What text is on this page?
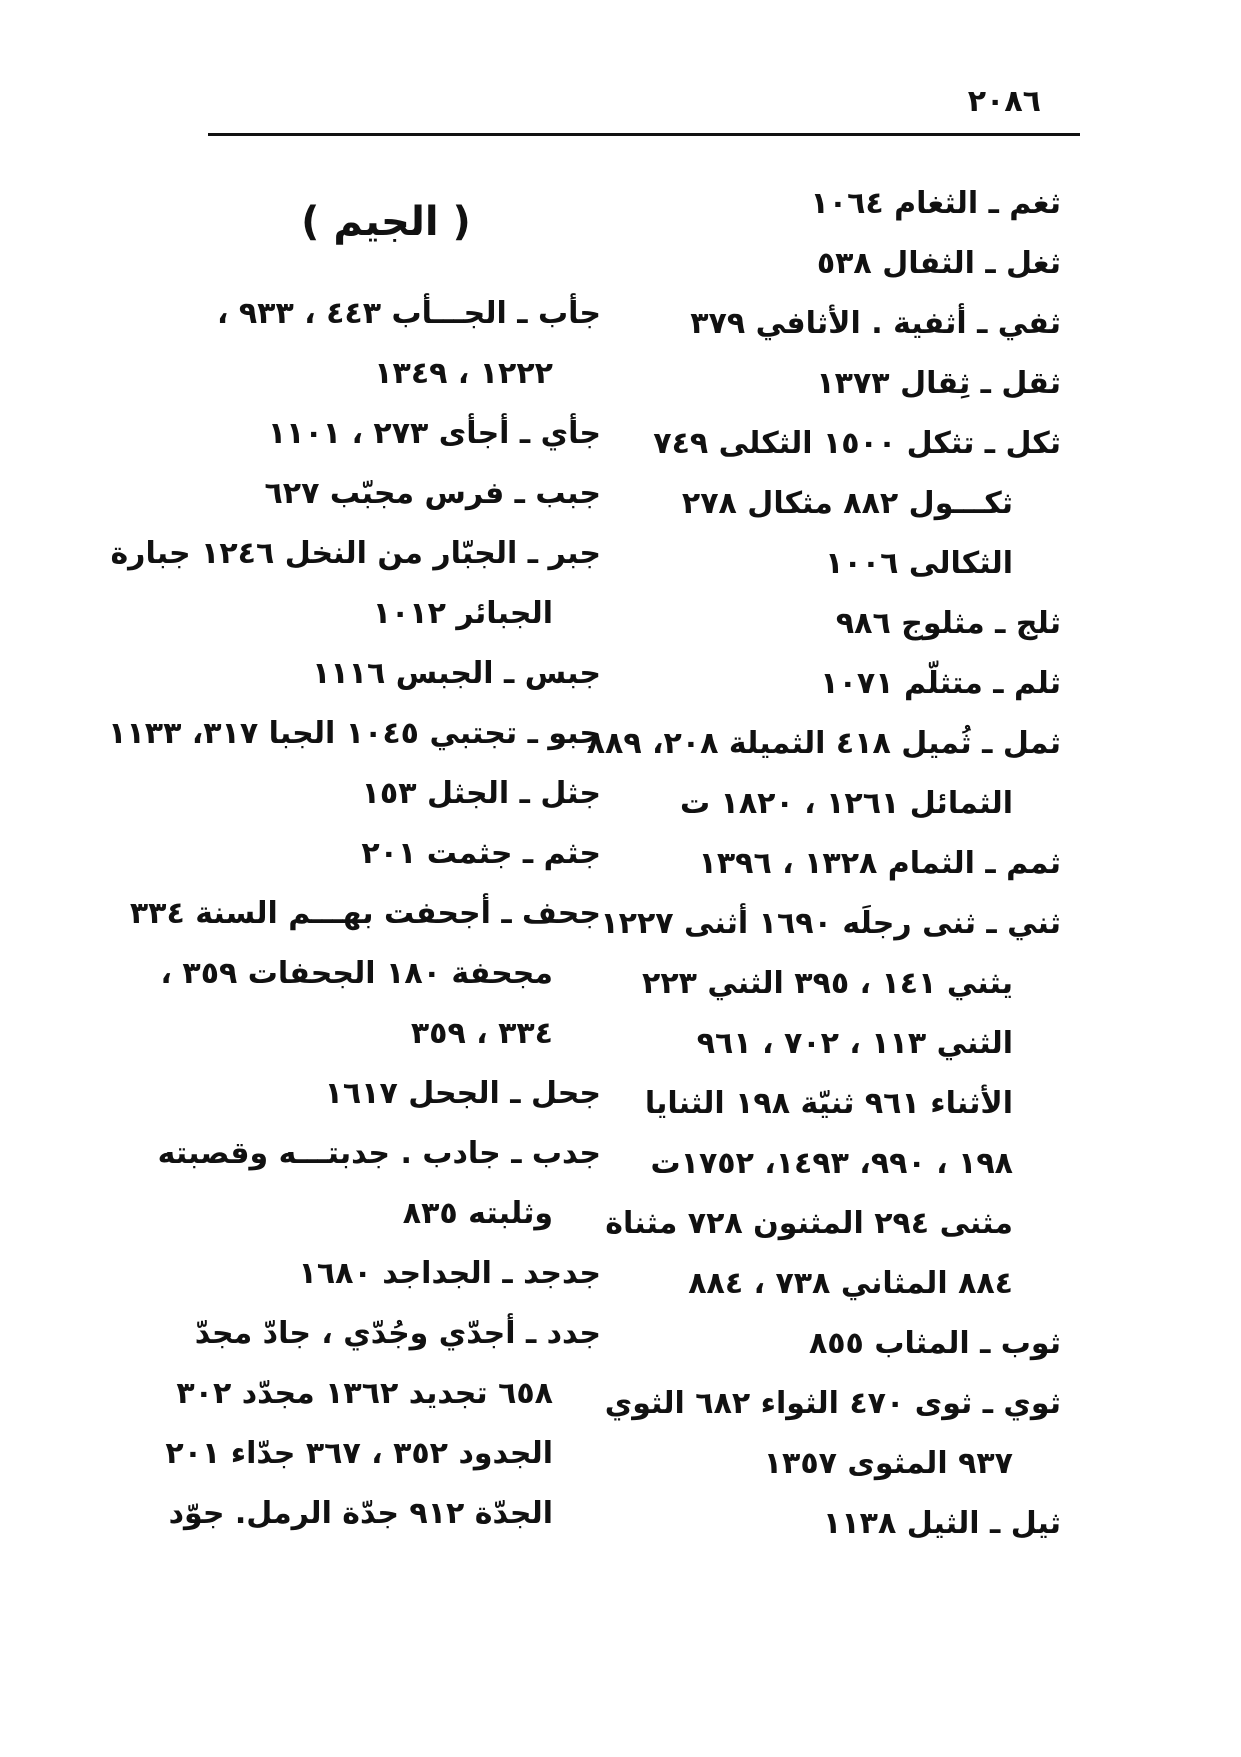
٢٠٨٦
ثغم ـ الثغام ١٠٦٤
ثغل ـ الثفال ٥٣٨
ثفي ـ أثفية . الأثافي ٣٧٩
ثقل ـ ثِقال ١٣٧٣
ثكل ـ تثكل ١٥٠٠ الثكلى ٧٤٩
ثكـــول ٨٨٢ مثكال ٢٧٨
الثكالى ١٠٠٦
ثلج ـ مثلوج ٩٨٦
ثلم ـ متثلّم ١٠٧١
ثمل ـ ثُميل ٤١٨ الثميلة ٢٠٨، ٨٨٩
الثمائل ١٢٦١ ، ١٨٢٠ ت
ثمم ـ الثمام ١٣٢٨ ، ١٣٩٦
ثني ـ ثنى رجلَه ١٦٩٠ أثنى ١٢٢٧
يثني ١٤١ ، ٣٩٥ الثني ٢٢٣
الثني ١١٣ ، ٧٠٢ ، ٩٦١
الأثناء ٩٦١ ثنيّة ١٩٨ الثنايا
١٩٨ ، ٩٩٠، ١٤٩٣، ١٧٥٢ت
مثنى ٢٩٤ المثنون ٧٢٨ مثناة
٨٨٤ المثاني ٧٣٨ ، ٨٨٤
ثوب ـ المثاب ٨٥٥
ثوي ـ ثوى ٤٧٠ الثواء ٦٨٢ الثوي
٩٣٧ المثوى ١٣٥٧
ثيل ـ الثيل ١١٣٨
( الجيم )
جأب ـ الجـــأب ٤٤٣ ، ٩٣٣ ،
١٢٢٢ ، ١٣٤٩
جأي ـ أجأى ٢٧٣ ، ١١٠١
جبب ـ فرس مجبّب ٦٢٧
جبر ـ الجبّار من النخل ١٢٤٦ جبارة
الجبائر ١٠١٢
جبس ـ الجبس ١١١٦
جبو ـ تجتبي ١٠٤٥ الجبا ٣١٧، ١١٣٣
جثل ـ الجثل ١٥٣
جثم ـ جثمت ٢٠١
جحف ـ أجحفت بهـــم السنة ٣٣٤
مجحفة ١٨٠ الجحفات ٣٥٩ ،
٣٣٤ ، ٣٥٩
جحل ـ الجحل ١٦١٧
جدب ـ جادب . جدبتـــه وقصبته
وثلبته ٨٣٥
جدجد ـ الجداجد ١٦٨٠
جدد ـ أجدّي وجُدّي ، جادّ مجدّ
٦٥٨ تجديد ١٣٦٢ مجدّد ٣٠٢
الجدود ٣٥٢ ، ٣٦٧ جدّاء ٢٠١
الجدّة ٩١٢ جدّة الرمل. جوّد
